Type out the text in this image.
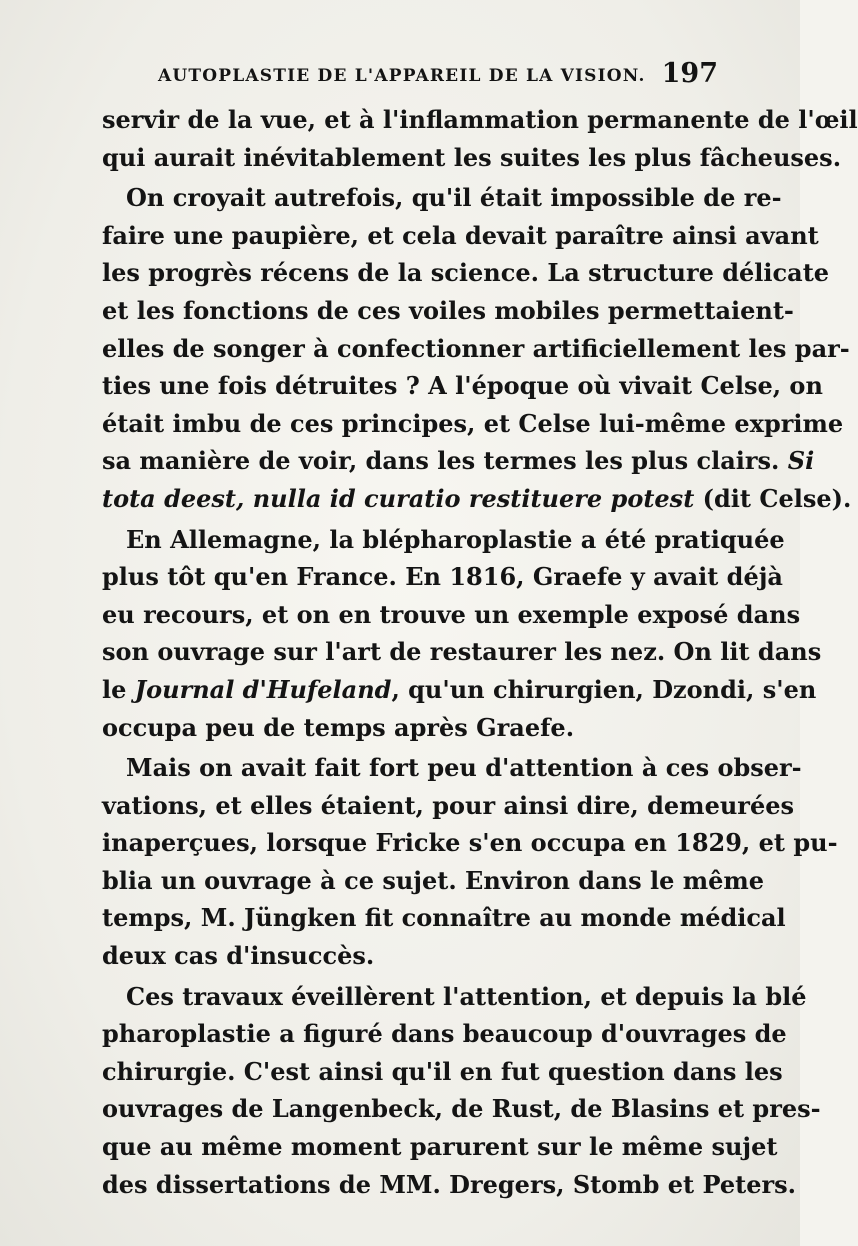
AUTOPLASTIE DE L'APPAREIL DE LA VISION. 197
servir de la vue, et à l'inflammation permanente de l'œil
qui aurait inévitablement les suites les plus fâcheuses.
On croyait autrefois, qu'il était impossible de re-
faire une paupière, et cela devait paraître ainsi avant
les progrès récens de la science. La structure délicate
et les fonctions de ces voiles mobiles permettaient-
elles de songer à confectionner artificiellement les par-
ties une fois détruites ? A l'époque où vivait Celse, on
était imbu de ces principes, et Celse lui-même exprime
sa manière de voir, dans les termes les plus clairs. Si
tota deest, nulla id curatio restituere potest (dit Celse).
En Allemagne, la blépharoplastie a été pratiquée
plus tôt qu'en France. En 1816, Graefe y avait déjà
eu recours, et on en trouve un exemple exposé dans
son ouvrage sur l'art de restaurer les nez. On lit dans
le Journal d'Hufeland, qu'un chirurgien, Dzondi, s'en
occupa peu de temps après Graefe.
Mais on avait fait fort peu d'attention à ces obser-
vations, et elles étaient, pour ainsi dire, demeurées
inaperçues, lorsque Fricke s'en occupa en 1829, et pu-
blia un ouvrage à ce sujet. Environ dans le même
temps, M. Jüngken fit connaître au monde médical
deux cas d'insuccès.
Ces travaux éveillèrent l'attention, et depuis la blé
pharoplastie a figuré dans beaucoup d'ouvrages de
chirurgie. C'est ainsi qu'il en fut question dans les
ouvrages de Langenbeck, de Rust, de Blasins et pres-
que au même moment parurent sur le même sujet
des dissertations de MM. Dregers, Stomb et Peters.
